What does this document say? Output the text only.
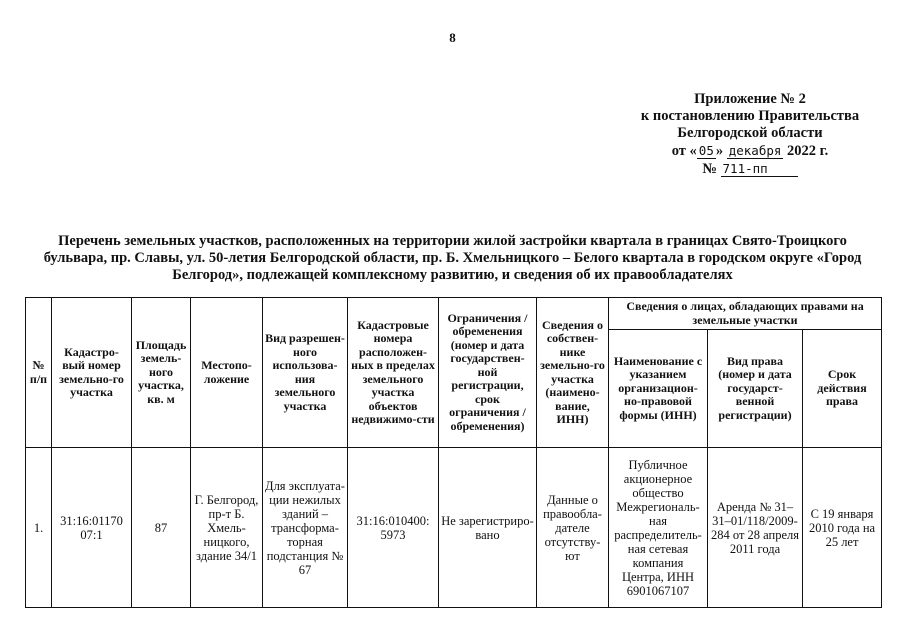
8
Приложение № 2
к постановлению Правительства
Белгородской области
от « 05 » декабря 2022 г.
№ 711-пп
Перечень земельных участков, расположенных на территории жилой застройки квартала в границах Свято-Троицкого бульвара, пр. Славы, ул. 50-летия Белгородской области, пр. Б. Хмельницкого – Белого квартала в городском округе «Город Белгород», подлежащей комплексному развитию, и сведения об их правообладателях
№ п/п	Кадастро-вый номер земельно-го участка	Площадь земель-ного участка, кв. м	Местопо-ложение	Вид разрешен-ного использова-ния земельного участка	Кадастровые номера расположен-ных в пределах земельного участка объектов недвижимо-сти	Ограничения / обременения (номер и дата государствен-ной регистрации, срок ограничения / обременения)	Сведения о собствен-нике земельно-го участка (наимено-вание, ИНН)	Сведения о лицах, обладающих правами на земельные участки		
								Наименование с указанием организацион-но-правовой формы (ИНН)	Вид права (номер и дата государст-венной регистрации)	Срок действия права
1.	31:16:01170 07:1	87	Г. Белгород, пр-т Б. Хмель-ницкого, здание 34/1	Для эксплуата-ции нежилых зданий – трансформа-торная подстанция № 67	31:16:010400: 5973	Не зарегистриро-вано	Данные о правообла-дателе отсутству-ют	Публичное акционерное общество Межрегиональ-ная распределитель-ная сетевая компания Центра, ИНН 6901067107	Аренда № 31–31–01/118/2009-284 от 28 апреля 2011 года	С 19 января 2010 года на 25 лет
